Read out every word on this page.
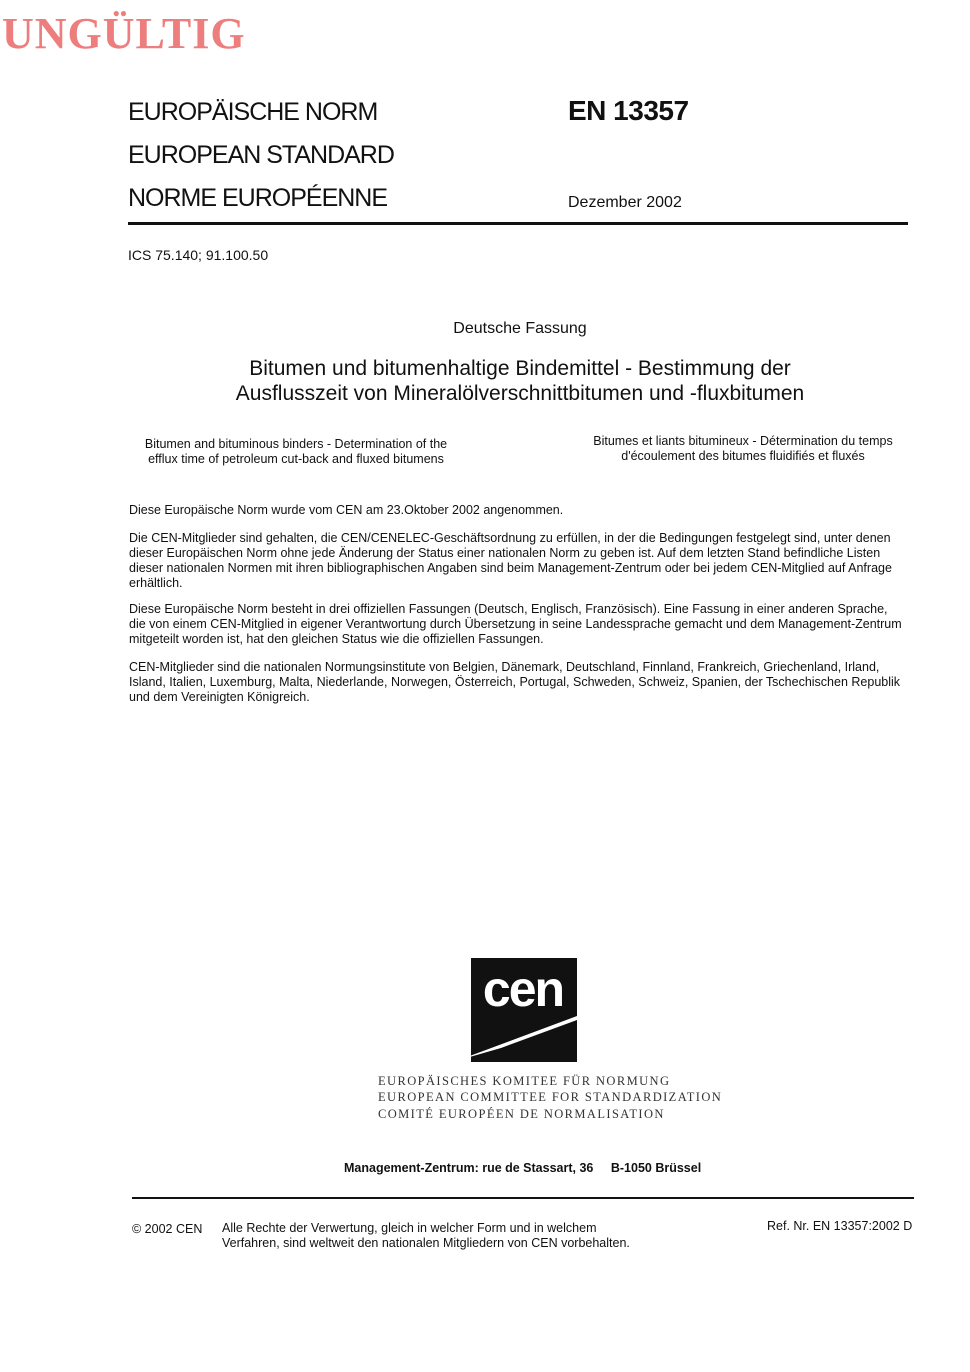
UNGÜLTIG
EUROPÄISCHE NORM
EUROPEAN STANDARD
NORME EUROPÉENNE
EN 13357
Dezember 2002
ICS 75.140; 91.100.50
Deutsche Fassung
Bitumen und bitumenhaltige Bindemittel - Bestimmung der
Ausflusszeit von Mineralölverschnittbitumen und -fluxbitumen
Bitumen and bituminous binders - Determination of the
efflux time of petroleum cut-back and fluxed bitumens
Bitumes et liants bitumineux - Détermination du temps
d'écoulement des bitumes fluidifiés et fluxés
Diese Europäische Norm wurde vom CEN am 23.Oktober 2002 angenommen.
Die CEN-Mitglieder sind gehalten, die CEN/CENELEC-Geschäftsordnung zu erfüllen, in der die Bedingungen festgelegt sind, unter denen dieser Europäischen Norm ohne jede Änderung der Status einer nationalen Norm zu geben ist. Auf dem letzten Stand befindliche Listen dieser nationalen Normen mit ihren bibliographischen Angaben sind beim Management-Zentrum oder bei jedem CEN-Mitglied auf Anfrage erhältlich.
Diese Europäische Norm besteht in drei offiziellen Fassungen (Deutsch, Englisch, Französisch). Eine Fassung in einer anderen Sprache, die von einem CEN-Mitglied in eigener Verantwortung durch Übersetzung in seine Landessprache gemacht und dem Management-Zentrum mitgeteilt worden ist, hat den gleichen Status wie die offiziellen Fassungen.
CEN-Mitglieder sind die nationalen Normungsinstitute von Belgien, Dänemark, Deutschland, Finnland, Frankreich, Griechenland, Irland, Island, Italien, Luxemburg, Malta, Niederlande, Norwegen, Österreich, Portugal, Schweden, Schweiz, Spanien, der Tschechischen Republik und dem Vereinigten Königreich.
cen
EUROPÄISCHES KOMITEE FÜR NORMUNG
EUROPEAN COMMITTEE FOR STANDARDIZATION
COMITÉ EUROPÉEN DE NORMALISATION
Management-Zentrum: rue de Stassart, 36 B-1050 Brüssel
© 2002 CEN Alle Rechte der Verwertung, gleich in welcher Form und in welchem
Verfahren, sind weltweit den nationalen Mitgliedern von CEN vorbehalten.
Ref. Nr. EN 13357:2002 D
